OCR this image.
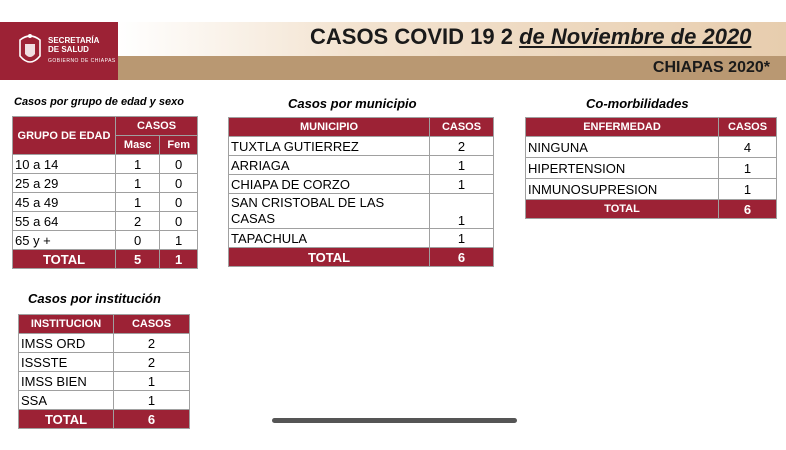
SECRETARÍA
DE SALUD
GOBIERNO DE CHIAPAS
CASOS COVID 19 2 de Noviembre de 2020
CHIAPAS 2020*
Casos por grupo de edad y sexo
GRUPO DE EDAD	CASOS	
	Masc	Fem
10 a 14	1	0
25 a 29	1	0
45 a 49	1	0
55 a 64	2	0
65 y +	0	1
TOTAL	5	1
Casos por municipio
MUNICIPIO	CASOS
TUXTLA GUTIERREZ	2
ARRIAGA	1
CHIAPA DE CORZO	1
SAN CRISTOBAL DE LAS CASAS	1
TAPACHULA	1
TOTAL	6
Co-morbilidades
ENFERMEDAD	CASOS
NINGUNA	4
HIPERTENSION	1
INMUNOSUPRESION	1
TOTAL	6
Casos por institución
INSTITUCION	CASOS
IMSS ORD	2
ISSSTE	2
IMSS BIEN	1
SSA	1
TOTAL	6
